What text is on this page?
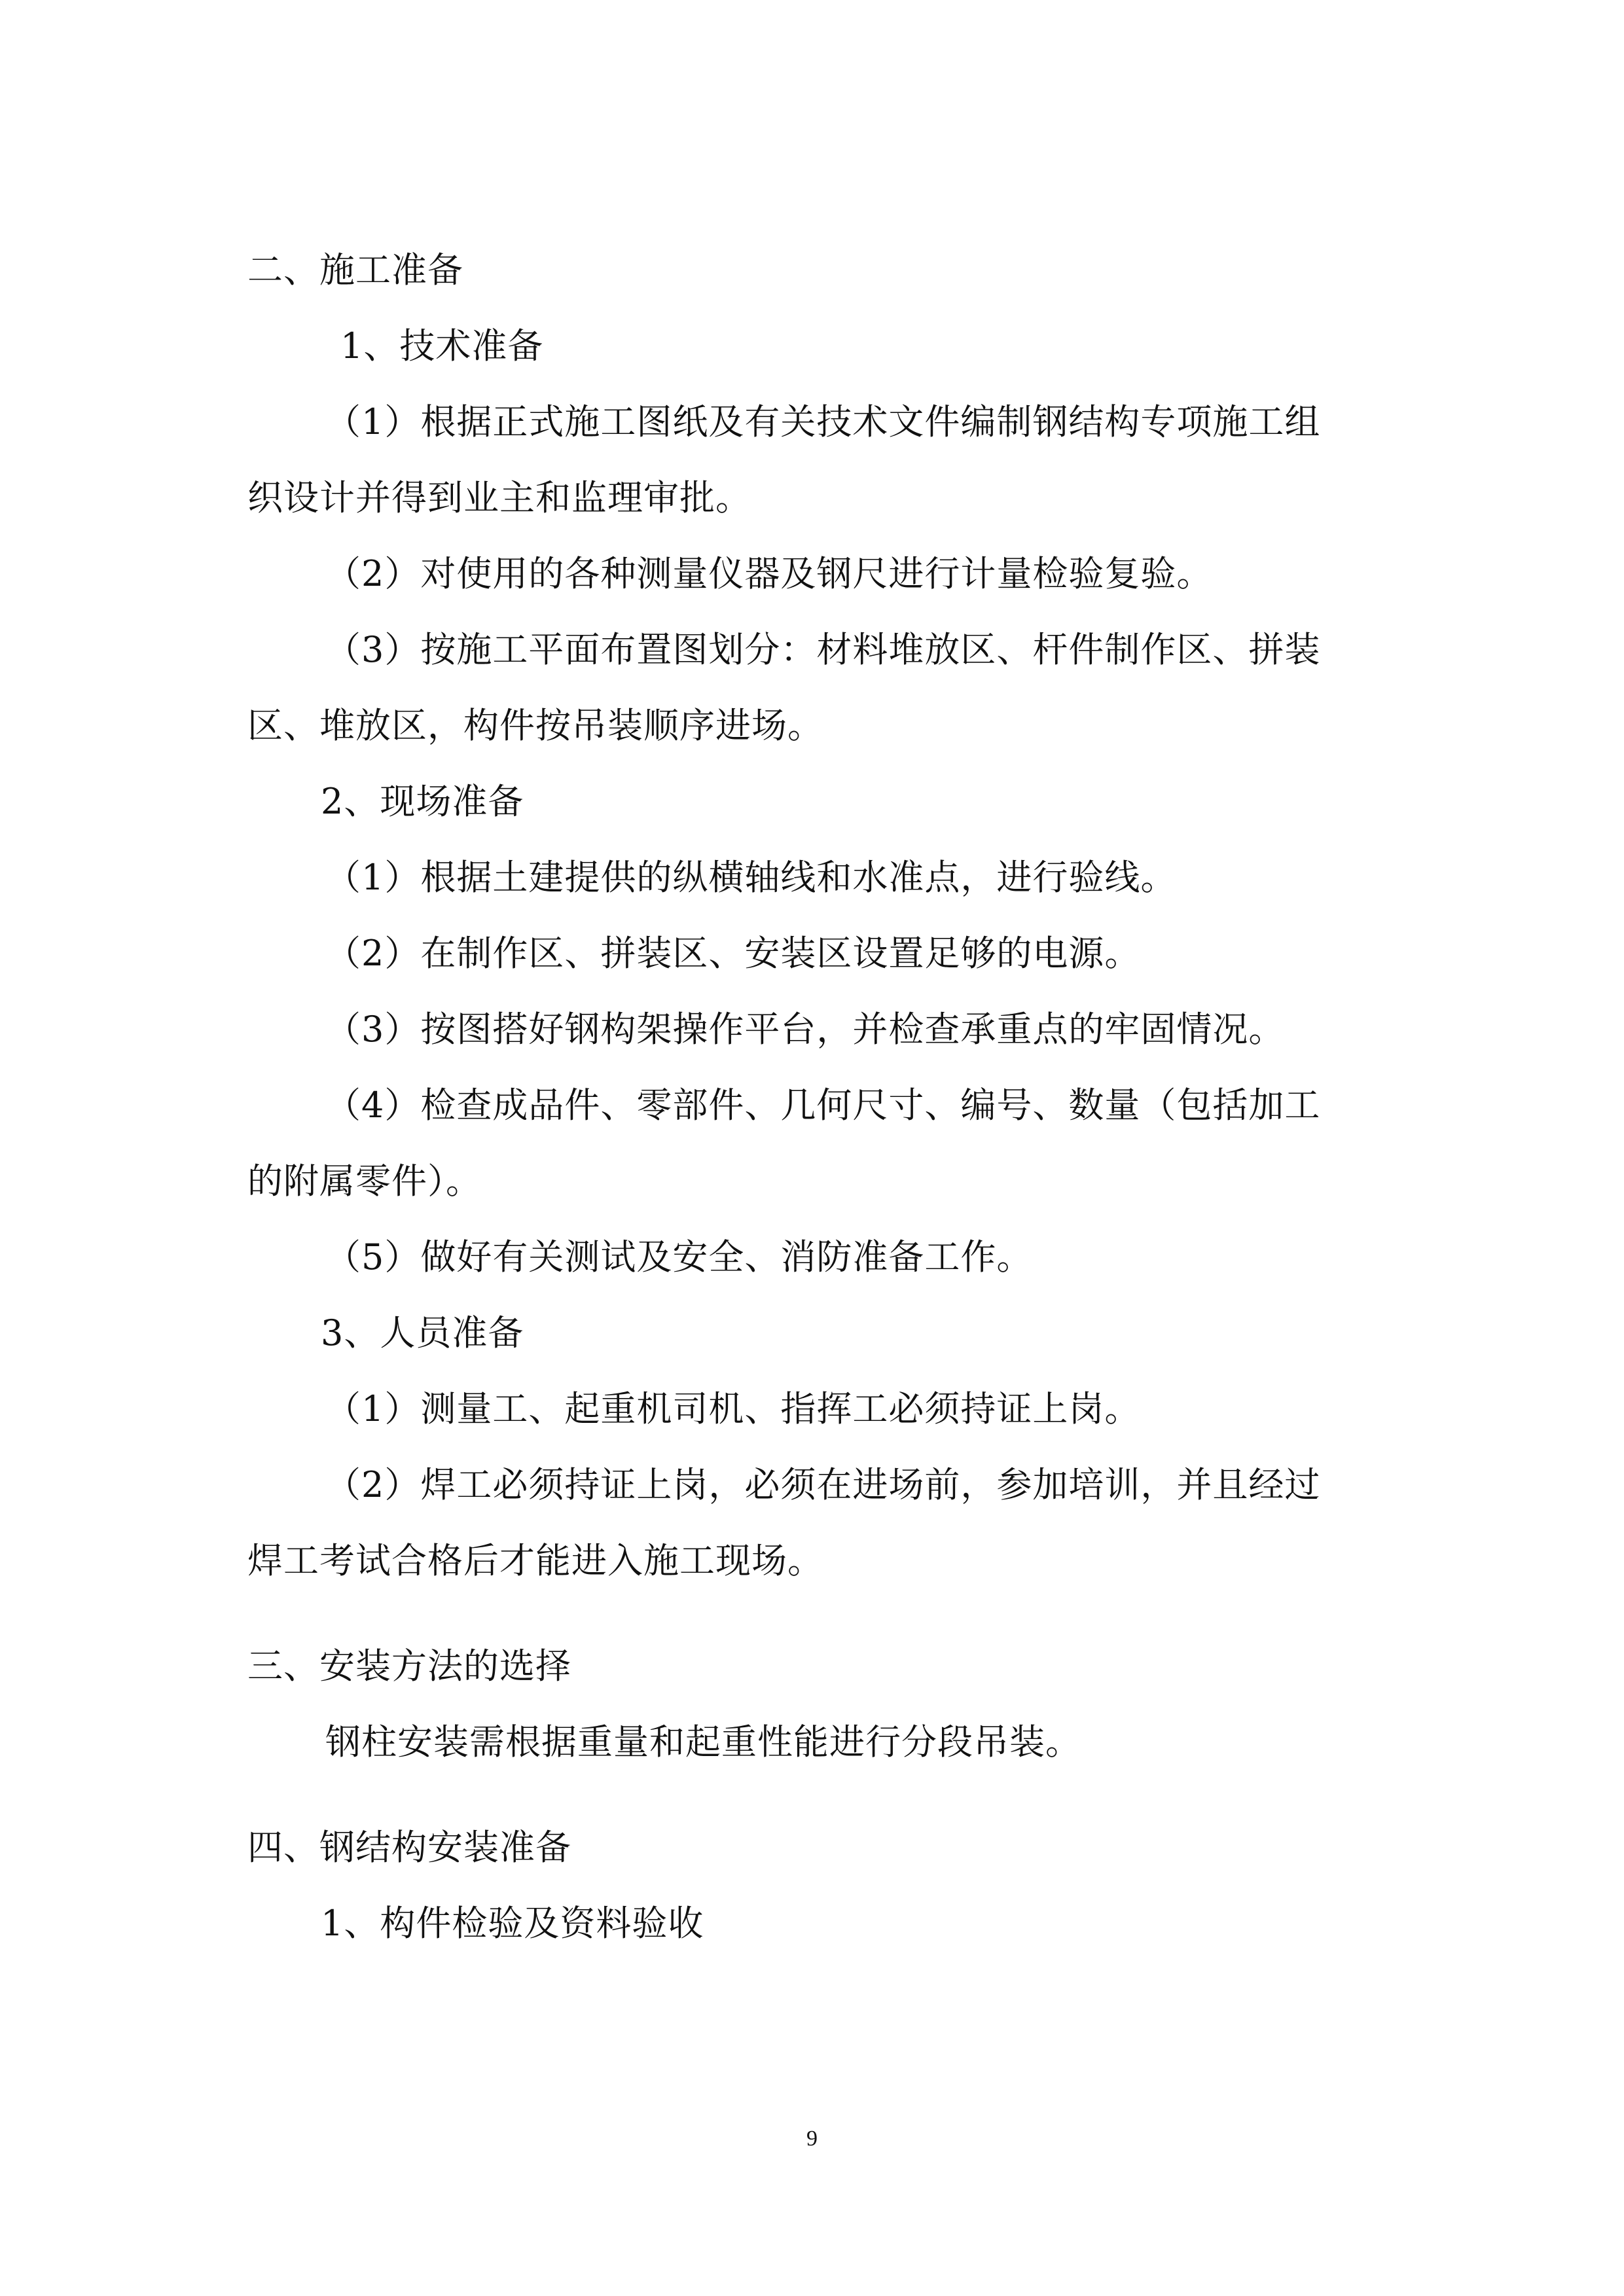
二、施工准备
1、技术准备
（1）根据正式施工图纸及有关技术文件编制钢结构专项施工组
织设计并得到业主和监理审批。
（2）对使用的各种测量仪器及钢尺进行计量检验复验。
（3）按施工平面布置图划分：材料堆放区、杆件制作区、拼装
区、堆放区，构件按吊装顺序进场。
2、现场准备
（1）根据土建提供的纵横轴线和水准点，进行验线。
（2）在制作区、拼装区、安装区设置足够的电源。
（3）按图搭好钢构架操作平台，并检查承重点的牢固情况。
（4）检查成品件、零部件、几何尺寸、编号、数量（包括加工
的附属零件）。
（5）做好有关测试及安全、消防准备工作。
3、人员准备
（1）测量工、起重机司机、指挥工必须持证上岗。
（2）焊工必须持证上岗，必须在进场前，参加培训，并且经过
焊工考试合格后才能进入施工现场。
三、安装方法的选择
钢柱安装需根据重量和起重性能进行分段吊装。
四、钢结构安装准备
1、构件检验及资料验收
9
